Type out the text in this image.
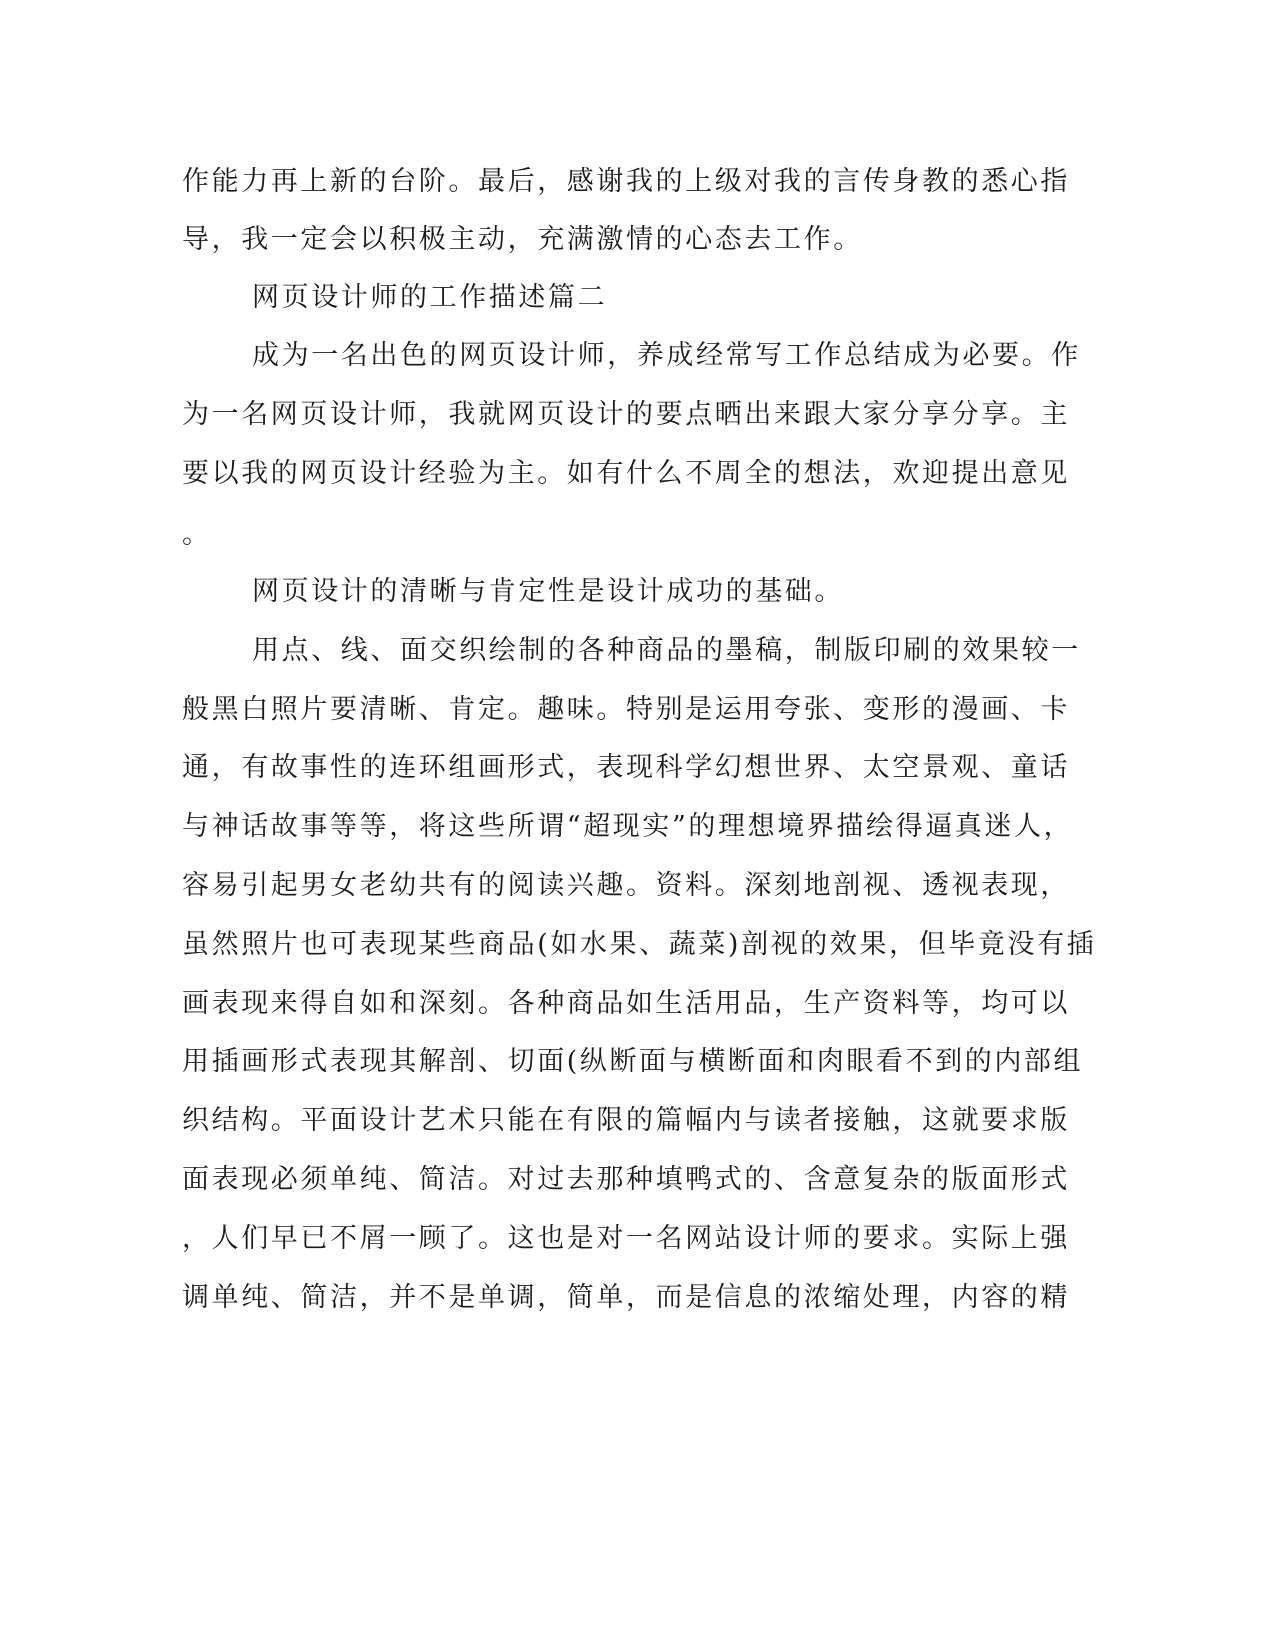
作能力再上新的台阶。最后，感谢我的上级对我的言传身教的悉心指
导，我一定会以积极主动，充满激情的心态去工作。
网页设计师的工作描述篇二
成为一名出色的网页设计师，养成经常写工作总结成为必要。作
为一名网页设计师，我就网页设计的要点晒出来跟大家分享分享。主
要以我的网页设计经验为主。如有什么不周全的想法，欢迎提出意见
。
网页设计的清晰与肯定性是设计成功的基础。
用点、线、面交织绘制的各种商品的墨稿，制版印刷的效果较一
般黑白照片要清晰、肯定。趣味。特别是运用夸张、变形的漫画、卡
通，有故事性的连环组画形式，表现科学幻想世界、太空景观、童话
与神话故事等等，将这些所谓“超现实”的理想境界描绘得逼真迷人，
容易引起男女老幼共有的阅读兴趣。资料。深刻地剖视、透视表现，
虽然照片也可表现某些商品(如水果、蔬菜)剖视的效果，但毕竟没有插
画表现来得自如和深刻。各种商品如生活用品，生产资料等，均可以
用插画形式表现其解剖、切面(纵断面与横断面和肉眼看不到的内部组
织结构。平面设计艺术只能在有限的篇幅内与读者接触，这就要求版
面表现必须单纯、简洁。对过去那种填鸭式的、含意复杂的版面形式
，人们早已不屑一顾了。这也是对一名网站设计师的要求。实际上强
调单纯、简洁，并不是单调，简单，而是信息的浓缩处理，内容的精
